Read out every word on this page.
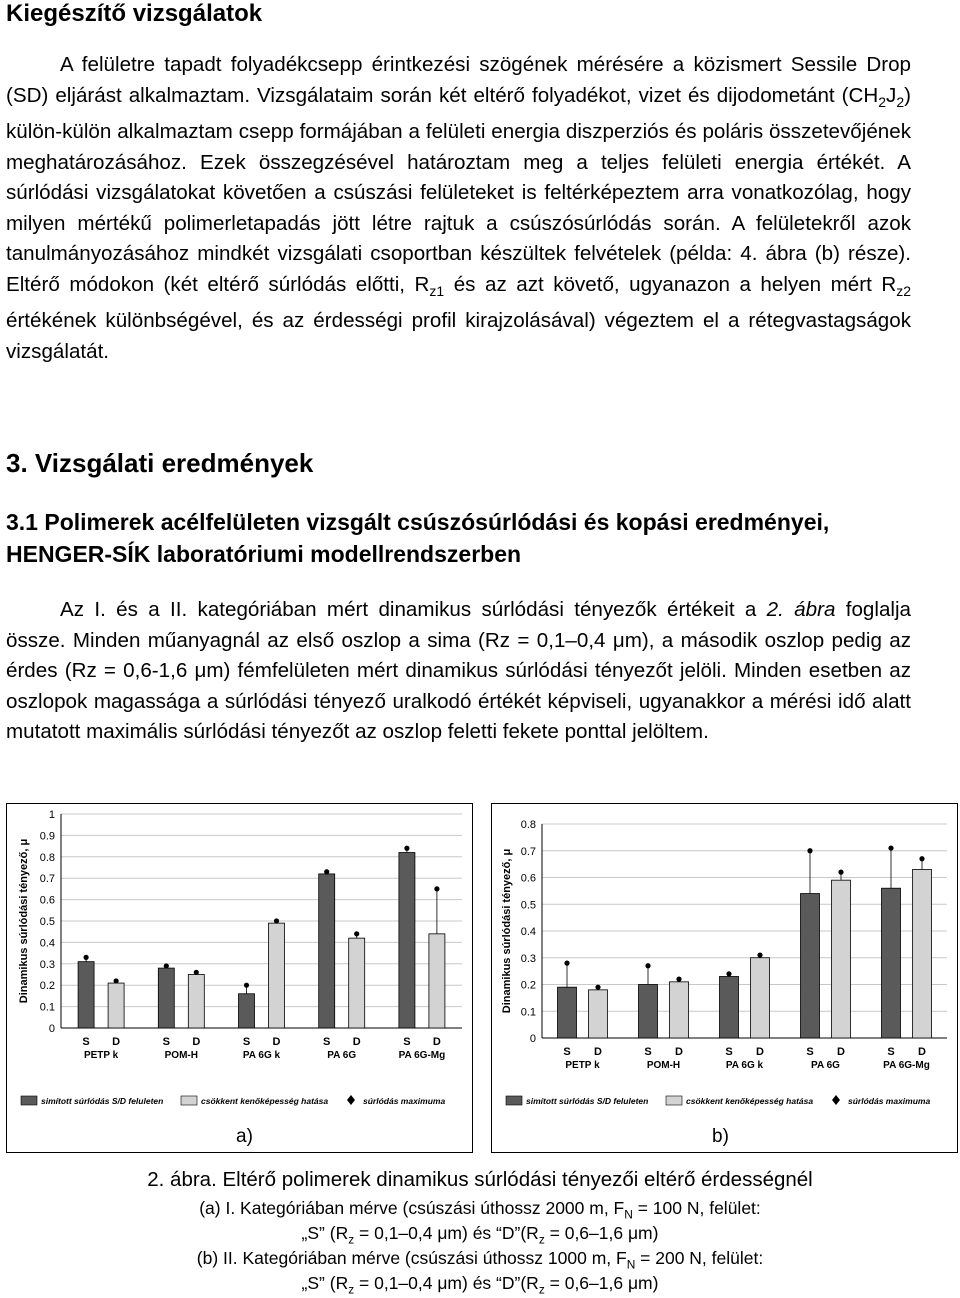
Kiegészítő vizsgálatok
A felületre tapadt folyadékcsepp érintkezési szögének mérésére a közismert Sessile Drop (SD) eljárást alkalmaztam. Vizsgálataim során két eltérő folyadékot, vizet és dijodometánt $(CH_2J_2)$ külön-külön alkalmaztam csepp formájában a felületi energia diszperziós és poláris összetevőjének meghatározásához. Ezek összegzésével határoztam meg a teljes felületi energia értékét. A súrlódási vizsgálatokat követően a csúszási felületeket is feltérképeztem arra vonatkozólag, hogy milyen mértékű polimerletapadás jött létre rajtuk a csúszósúrlódás során. A felületekről azok tanulmányozásához mindkét vizsgálati csoportban készültek felvételek (példa: 4. ábra (b) része). Eltérő módokon (két eltérő súrlódás előtti, $R_{z1}$ és az azt követő, ugyanazon a helyen mért $R_{z2}$ értékének különbségével, és az érdességi profil kirajzolásával) végeztem el a rétegvastagságok vizsgálatát.
3. Vizsgálati eredmények
3.1 Polimerek acélfelületen vizsgált csúszósúrlódási és kopási eredményei, HENGER-SÍK laboratóriumi modellrendszerben
Az I. és a II. kategóriában mért dinamikus súrlódási tényezők értékeit a 2. ábra foglalja össze. Minden műanyagnál az első oszlop a sima (Rz = 0,1–0,4 μm), a második oszlop pedig az érdes (Rz = 0,6-1,6 μm) fémfelületen mért dinamikus súrlódási tényezőt jelöli. Minden esetben az oszlopok magassága a súrlódási tényező uralkodó értékét képviseli, ugyanakkor a mérési idő alatt mutatott maximális súrlódási tényezőt az oszlop feletti fekete ponttal jelöltem.
0
0.1
0.2
0.3
0.4
0.5
0.6
0.7
0.8
0.9
1
Dinamikus súrlódási tényező, μ
S D
PETP k
S D
POM-H
S D
PA 6G k
S D
PA 6G
S D
PA 6G-Mg
simított súrlódás S/D feluleten	csökkent kenőképesség hatása	súrlódás maximuma
0
0.1
0.2
0.3
0.4
0.5
0.6
0.7
0.8
Dinamikus súrlódási tényező, μ
S D
PETP k
S D
POM-H
S D
PA 6G k
S D
PA 6G
S D
PA 6G-Mg
simított súrlódás S/D feluleten	csökkent kenőképesség hatása	súrlódás maximuma
a)	b)
2. ábra. Eltérő polimerek dinamikus súrlódási tényezői eltérő érdességnél
(a) I. Kategóriában mérve (csúszási úthossz 2000 m, $F_N = 100$ N, felület:
„S” ($R_z = 0,1-0,4$ μm) és “$D”(R_z = 0,6-1,6$ μm)
(b) II. Kategóriában mérve (csúszási úthossz 1000 m, $F_N = 200$ N, felület:
„S” ($R_z = 0,1-0,4$ μm) és “$D”(R_z = 0,6-1,6$ μm)
